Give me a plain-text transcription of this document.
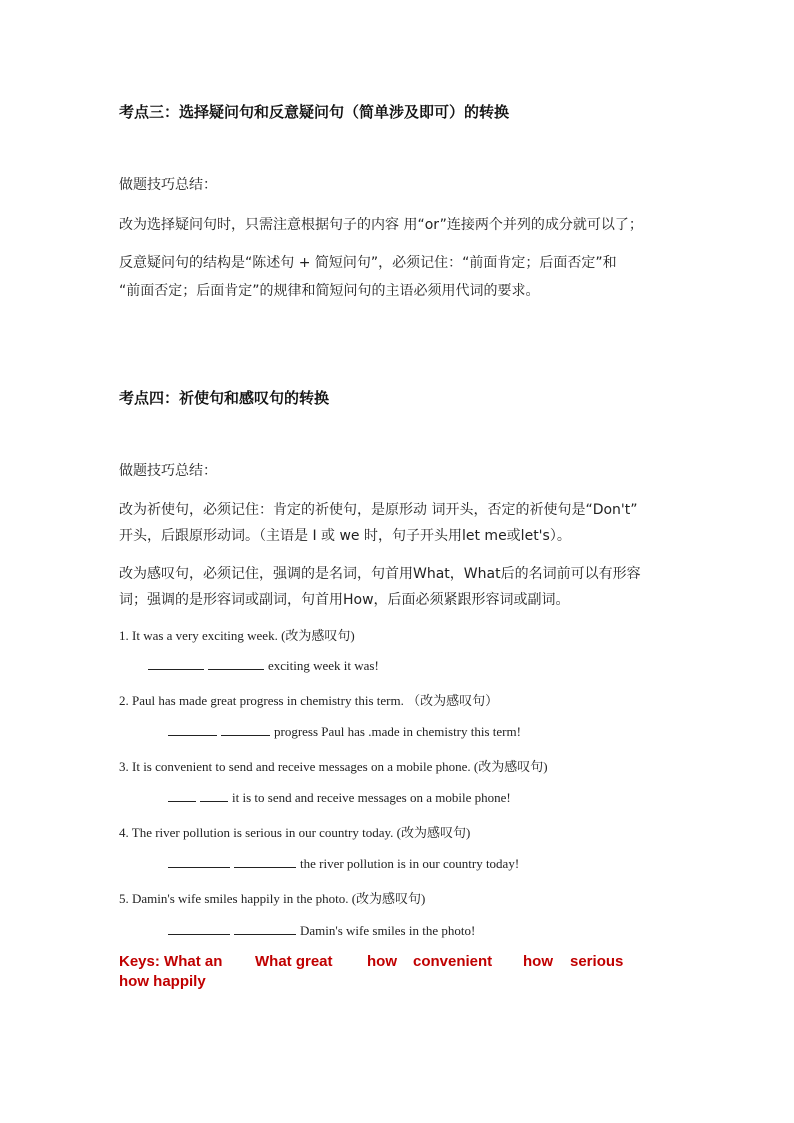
考点三：选择疑问句和反意疑问句（简单涉及即可）的转换
做题技巧总结：
改为选择疑问句时，只需注意根据句子的内容 用“or”连接两个并列的成分就可以了；
反意疑问句的结构是“陈述句 + 简短问句”，必须记住：“前面肯定；后面否定”和
“前面否定；后面肯定”的规律和简短问句的主语必须用代词的要求。
考点四：祈使句和感叹句的转换
做题技巧总结：
改为祈使句，必须记住：肯定的祈使句，是原形动 词开头，否定的祈使句是“Don't”
开头，后跟原形动词。（主语是 I 或 we 时，句子开头用let me或let's）。
改为感叹句，必须记住，强调的是名词，句首用What，What后的名词前可以有形容
词；强调的是形容词或副词，句首用How，后面必须紧跟形容词或副词。
1. It was a very exciting week. (改为感叹句)
exciting week it was!
2. Paul has made great progress in chemistry this term. （改为感叹句）
progress Paul has .made in chemistry this term!
3. It is convenient to send and receive messages on a mobile phone. (改为感叹句)
it is to send and receive messages on a mobile phone!
4. The river pollution is serious in our country today. (改为感叹句)
the river pollution is in our country today!
5. Damin's wife smiles happily in the photo. (改为感叹句)
Damin's wife smiles in the photo!
Keys: What an What great how convenient how serious
how happily
